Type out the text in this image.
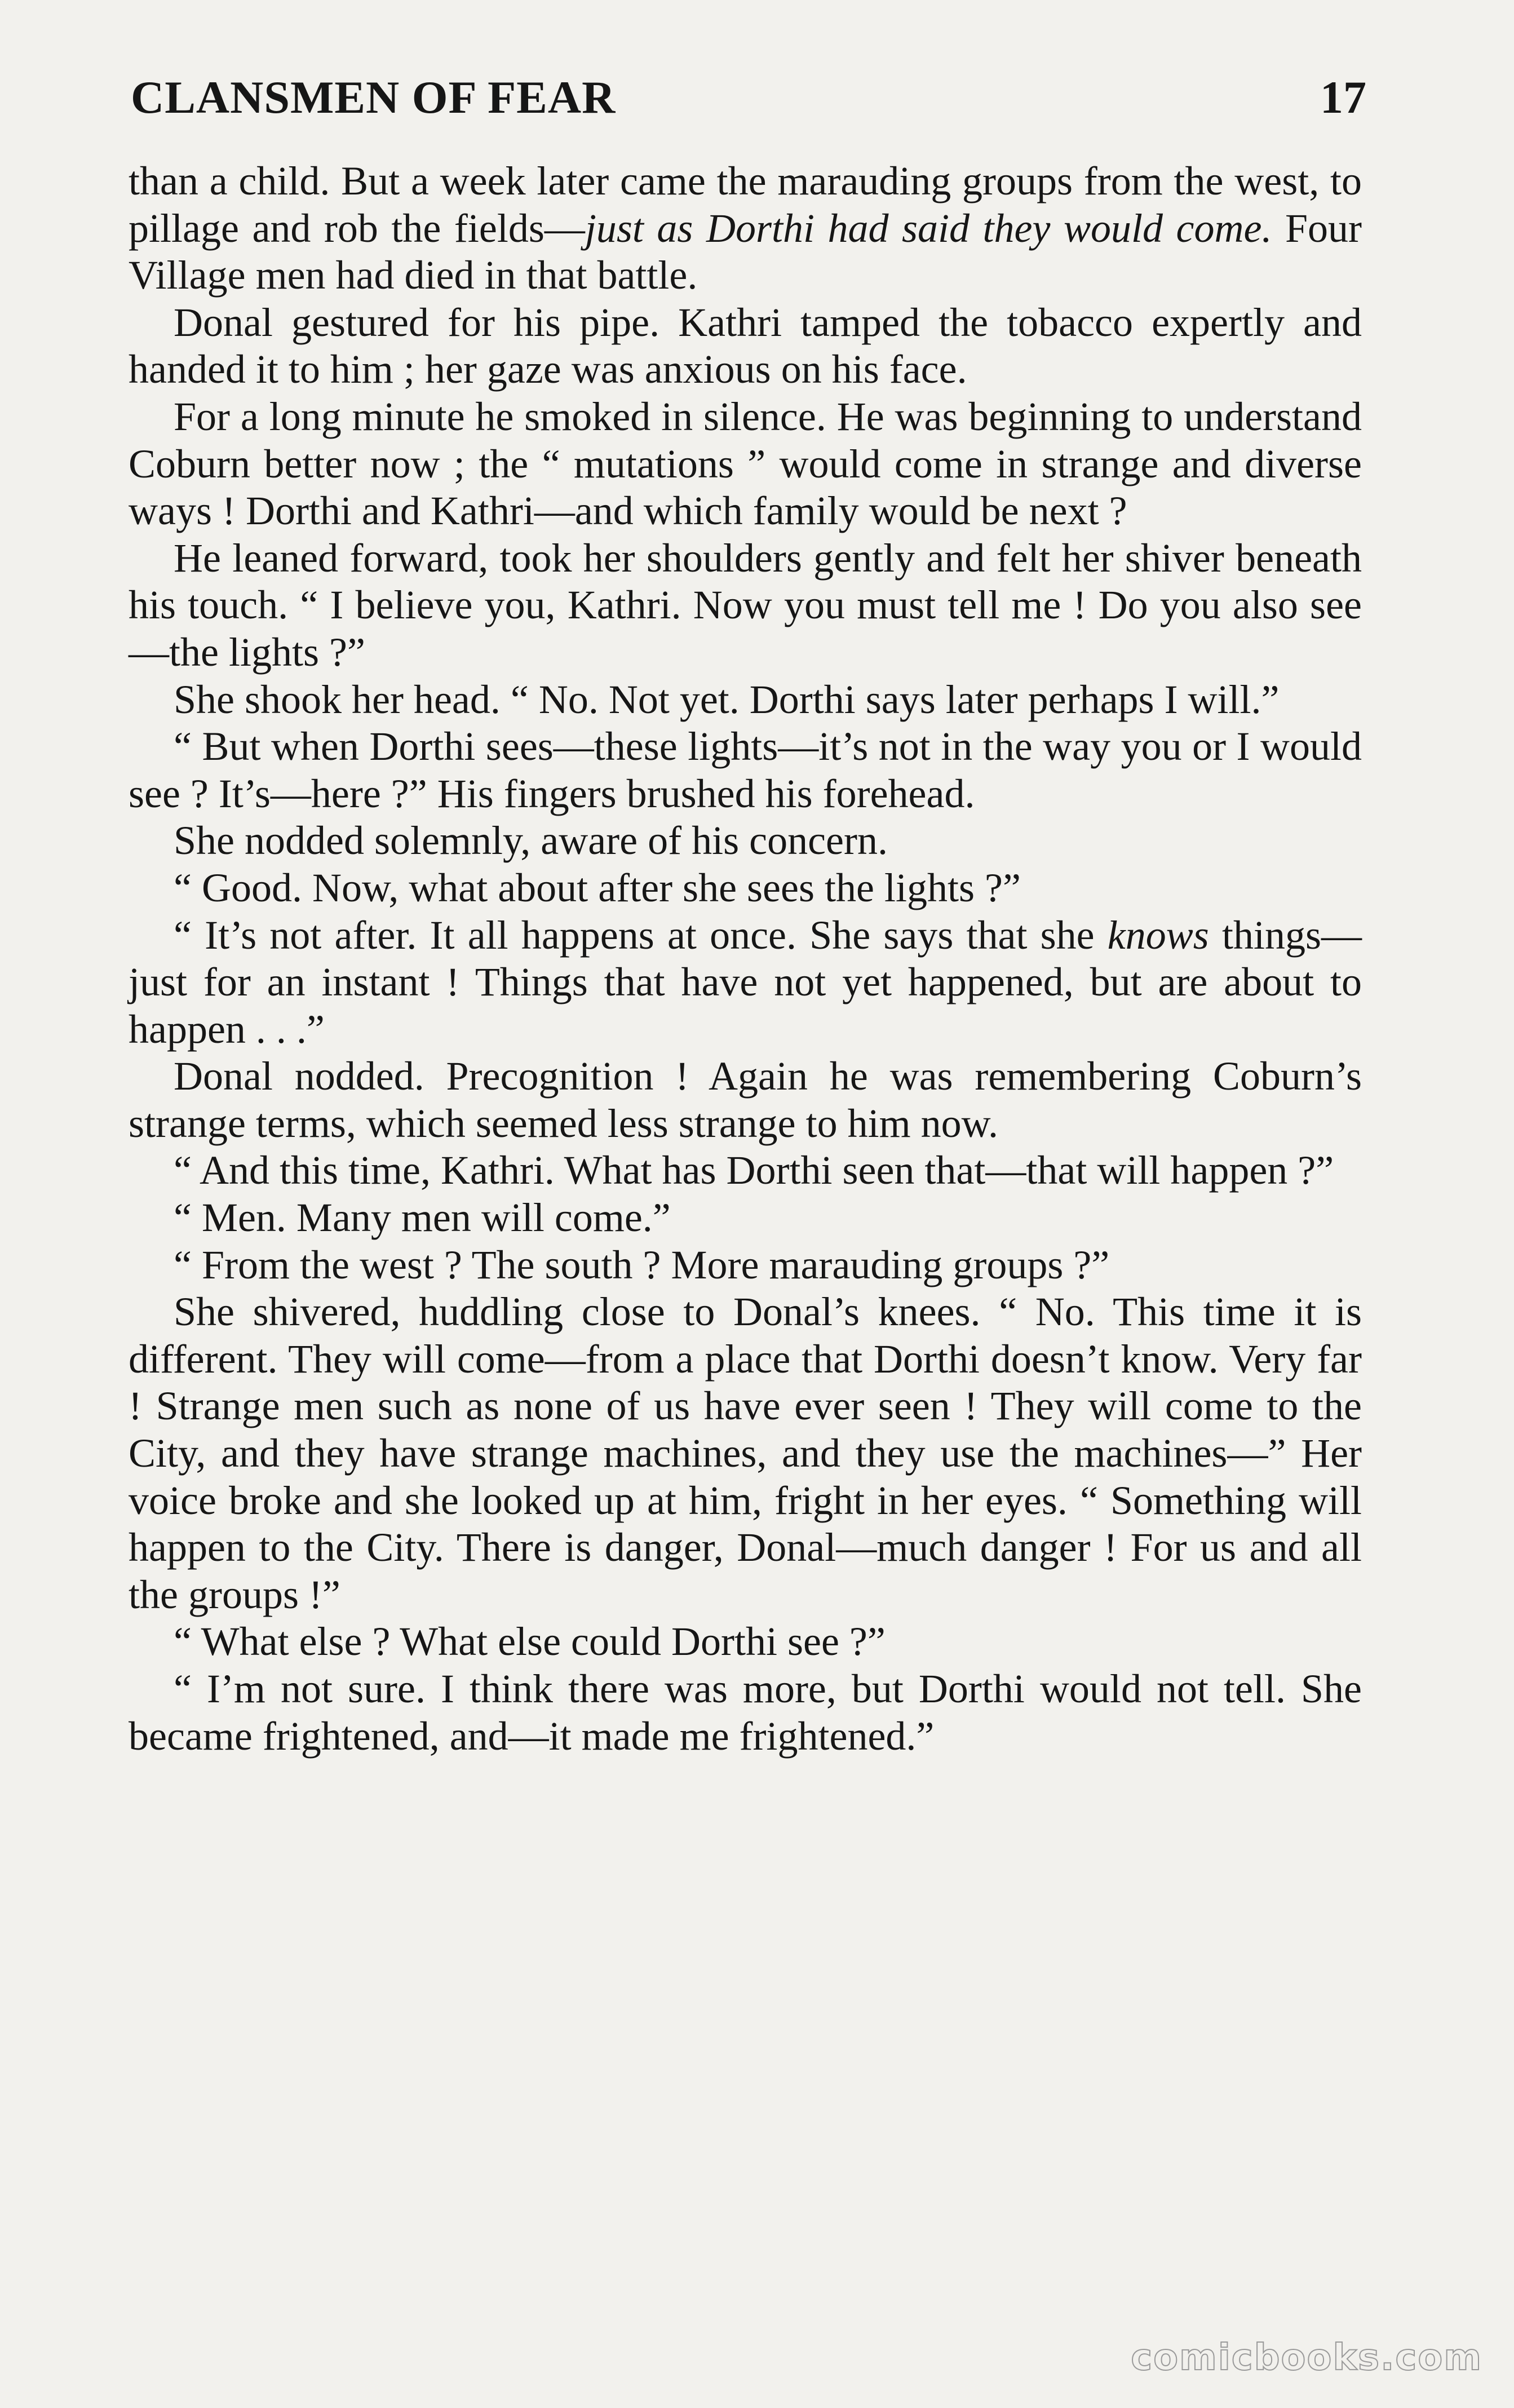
CLANSMEN OF FEAR	17

than a child. But a week later came the marauding groups from the west, to pillage and rob the fields—just as Dorthi had said they would come. Four Village men had died in that battle.

Donal gestured for his pipe. Kathri tamped the tobacco expertly and handed it to him ; her gaze was anxious on his face.

For a long minute he smoked in silence. He was beginning to understand Coburn better now ; the “ mutations ” would come in strange and diverse ways ! Dorthi and Kathri—and which family would be next ?

He leaned forward, took her shoulders gently and felt her shiver beneath his touch. “ I believe you, Kathri. Now you must tell me ! Do you also see—the lights ?”

She shook her head. “ No. Not yet. Dorthi says later perhaps I will.”

“ But when Dorthi sees—these lights—it’s not in the way you or I would see ? It’s—here ?” His fingers brushed his forehead.

She nodded solemnly, aware of his concern.

“ Good. Now, what about after she sees the lights ?”

“ It’s not after. It all happens at once. She says that she knows things—just for an instant ! Things that have not yet happened, but are about to happen . . .”

Donal nodded. Precognition ! Again he was remembering Coburn’s strange terms, which seemed less strange to him now.

“ And this time, Kathri. What has Dorthi seen that—that will happen ?”

“ Men. Many men will come.”

“ From the west ? The south ? More marauding groups ?”

She shivered, huddling close to Donal’s knees. “ No. This time it is different. They will come—from a place that Dorthi doesn’t know. Very far ! Strange men such as none of us have ever seen ! They will come to the City, and they have strange machines, and they use the machines—” Her voice broke and she looked up at him, fright in her eyes. “ Something will happen to the City. There is danger, Donal—much danger ! For us and all the groups !”

“ What else ? What else could Dorthi see ?”

“ I’m not sure. I think there was more, but Dorthi would not tell. She became frightened, and—it made me frightened.”

comicbooks.com
